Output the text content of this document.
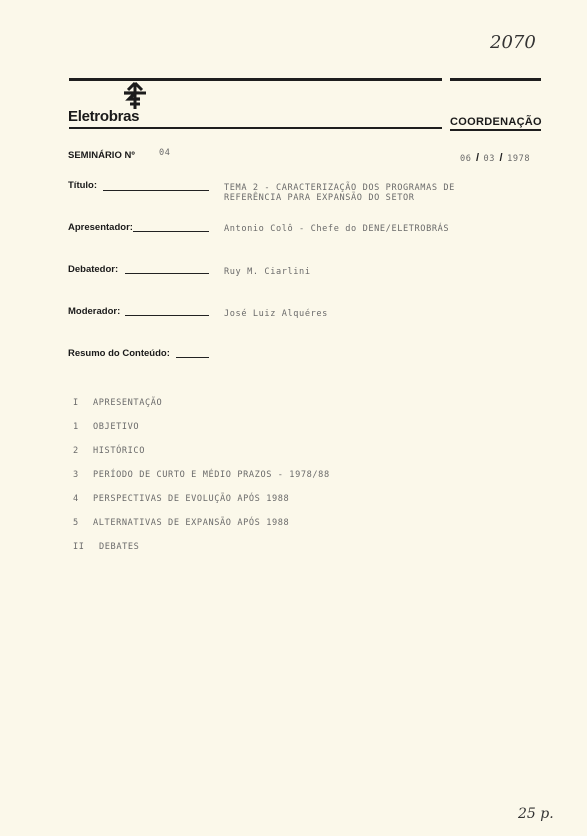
2070
25 p.
Eletrobras	COORDENAÇÃO
SEMINÁRIO Nº	04
06 / 03 / 1978
Título:	TEMA 2 - CARACTERIZAÇÃO DOS PROGRAMAS DE
REFERÊNCIA PARA EXPANSÃO DO SETOR
Apresentador:	Antonio Colô - Chefe do DENE/ELETROBRÁS
Debatedor:	Ruy M. Ciarlini
Moderador:	José Luiz Alquéres
Resumo do Conteúdo:
I APRESENTAÇÃO
1 OBJETIVO
2 HISTÓRICO
3 PERÍODO DE CURTO E MÉDIO PRAZOS - 1978/88
4 PERSPECTIVAS DE EVOLUÇÃO APÓS 1988
5 ALTERNATIVAS DE EXPANSÃO APÓS 1988
II DEBATES
